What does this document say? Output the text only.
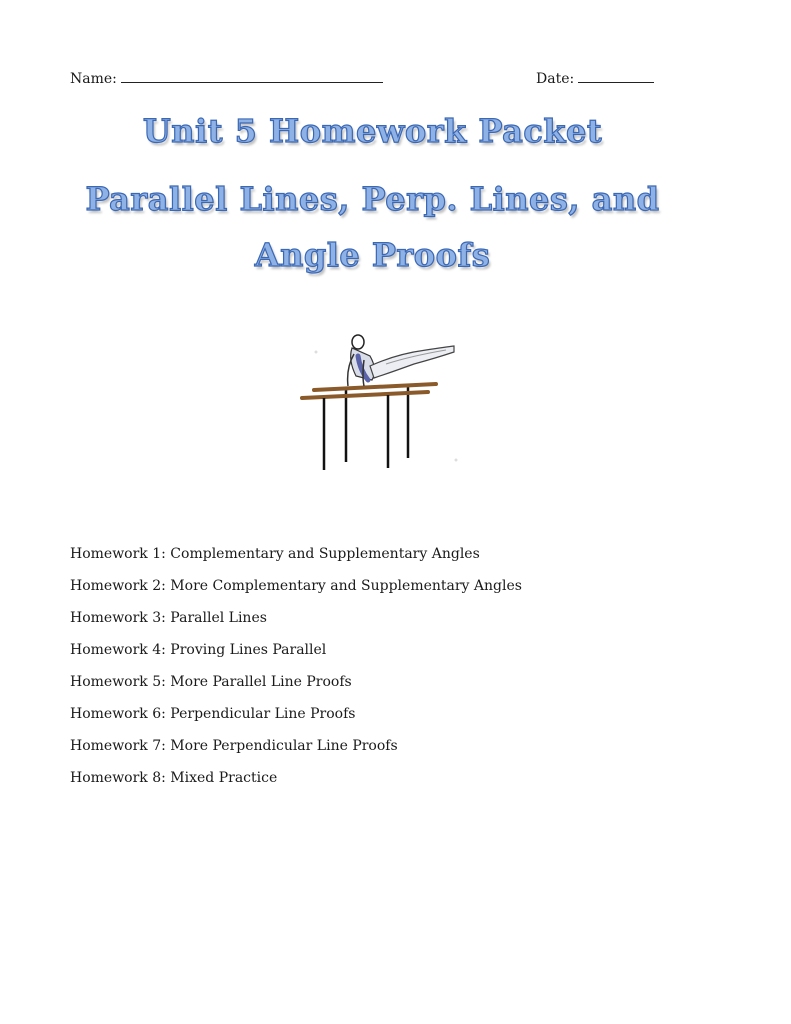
Name:	Date:
Unit 5 Homework Packet
Parallel Lines, Perp. Lines, and
Angle Proofs
Homework 1: Complementary and Supplementary Angles
Homework 2: More Complementary and Supplementary Angles
Homework 3: Parallel Lines
Homework 4: Proving Lines Parallel
Homework 5: More Parallel Line Proofs
Homework 6: Perpendicular Line Proofs
Homework 7: More Perpendicular Line Proofs
Homework 8: Mixed Practice
